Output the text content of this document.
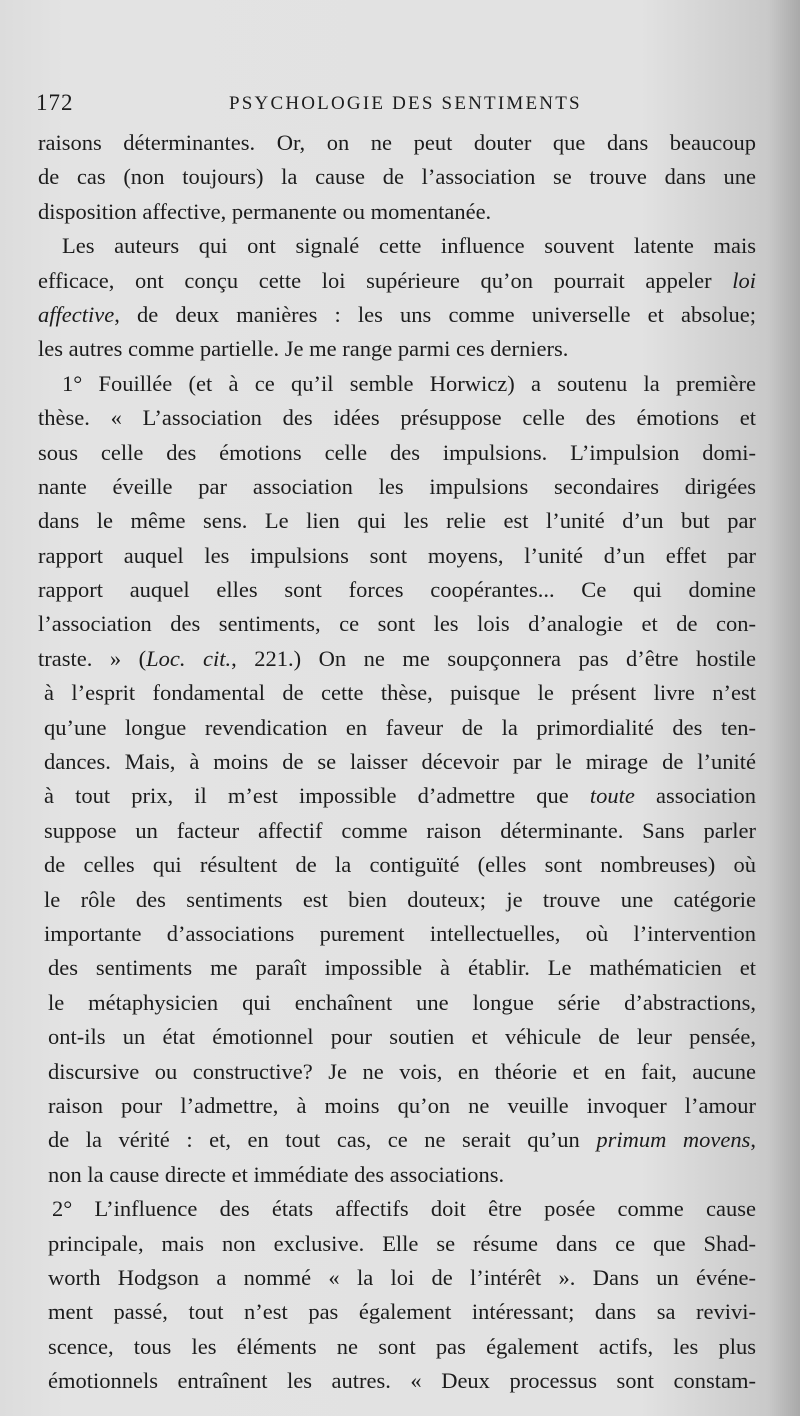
172	PSYCHOLOGIE DES SENTIMENTS
raisons déterminantes. Or, on ne peut douter que dans beaucoup
de cas (non toujours) la cause de l’association se trouve dans une
disposition affective, permanente ou momentanée.
Les auteurs qui ont signalé cette influence souvent latente mais
efficace, ont conçu cette loi supérieure qu’on pourrait appeler loi
affective, de deux manières : les uns comme universelle et absolue;
les autres comme partielle. Je me range parmi ces derniers.
1° Fouillée (et à ce qu’il semble Horwicz) a soutenu la première
thèse. « L’association des idées présuppose celle des émotions et
sous celle des émotions celle des impulsions. L’impulsion domi-
nante éveille par association les impulsions secondaires dirigées
dans le même sens. Le lien qui les relie est l’unité d’un but par
rapport auquel les impulsions sont moyens, l’unité d’un effet par
rapport auquel elles sont forces coopérantes... Ce qui domine
l’association des sentiments, ce sont les lois d’analogie et de con-
traste. » (Loc. cit., 221.) On ne me soupçonnera pas d’être hostile
à l’esprit fondamental de cette thèse, puisque le présent livre n’est
qu’une longue revendication en faveur de la primordialité des ten-
dances. Mais, à moins de se laisser décevoir par le mirage de l’unité
à tout prix, il m’est impossible d’admettre que toute association
suppose un facteur affectif comme raison déterminante. Sans parler
de celles qui résultent de la contiguïté (elles sont nombreuses) où
le rôle des sentiments est bien douteux; je trouve une catégorie
importante d’associations purement intellectuelles, où l’intervention
des sentiments me paraît impossible à établir. Le mathématicien et
le métaphysicien qui enchaînent une longue série d’abstractions,
ont-ils un état émotionnel pour soutien et véhicule de leur pensée,
discursive ou constructive? Je ne vois, en théorie et en fait, aucune
raison pour l’admettre, à moins qu’on ne veuille invoquer l’amour
de la vérité : et, en tout cas, ce ne serait qu’un primum movens,
non la cause directe et immédiate des associations.
2° L’influence des états affectifs doit être posée comme cause
principale, mais non exclusive. Elle se résume dans ce que Shad-
worth Hodgson a nommé « la loi de l’intérêt ». Dans un événe-
ment passé, tout n’est pas également intéressant; dans sa revivi-
scence, tous les éléments ne sont pas également actifs, les plus
émotionnels entraînent les autres. « Deux processus sont constam-
